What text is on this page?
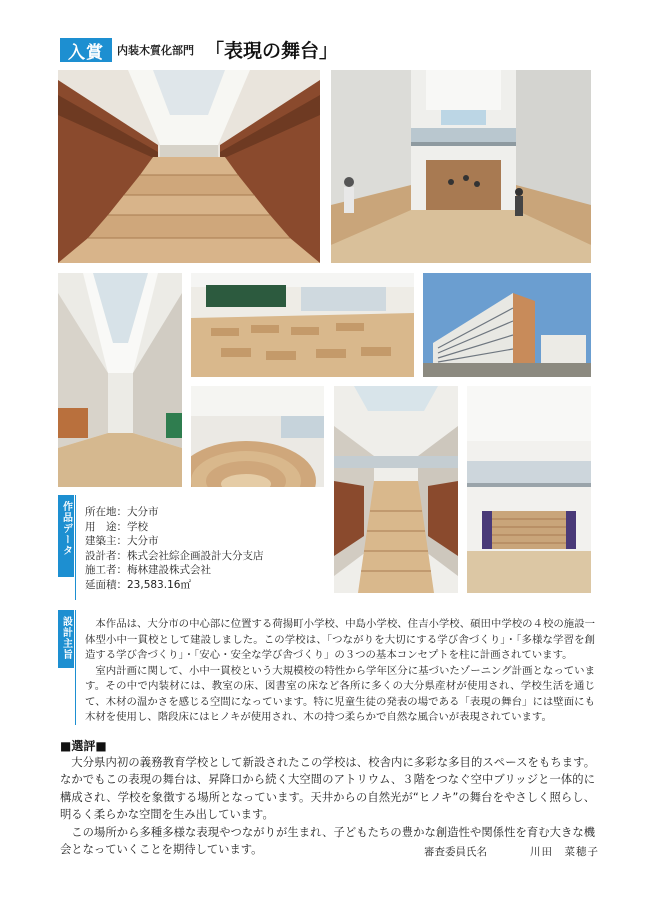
入賞	内装木質化部門 「表現の舞台」
作品データ 所在地：大分市
用　途：学校
建築主：大分市
設計者：株式会社綜企画設計大分支店
施工者：梅林建設株式会社
延面積：23,583.16㎡
設計主旨	本作品は、大分市の中心部に位置する荷揚町小学校、中島小学校、住吉小学校、碩田中学校の４校の施設一体型小中一貫校として建設しました。この学校は、「つながりを大切にする学び舎づくり」・「多様な学習を創造する学び舎づくり」・「安心・安全な学び舎づくり」の３つの基本コンセプトを柱に計画されています。

室内計画に関して、小中一貫校という大規模校の特性から学年区分に基づいたゾーニング計画となっています。その中で内装材には、教室の床、図書室の床など各所に多くの大分県産材が使用され、学校生活を通じて、木材の温かさを感じる空間になっています。特に児童生徒の発表の場である「表現の舞台」には壁面にも木材を使用し、階段床にはヒノキが使用され、木の持つ柔らかで自然な風合いが表現されています。

■選評■

大分県内初の義務教育学校として新設されたこの学校は、校舎内に多彩な多目的スペースをもちます。なかでもこの表現の舞台は、昇降口から続く大空間のアトリウム、３階をつなぐ空中ブリッジと一体的に構成され、学校を象徴する場所となっています。天井からの自然光が“ヒノキ”の舞台をやさしく照らし、明るく柔らかな空間を生み出しています。

この場所から多種多様な表現やつながりが生まれ、子どもたちの豊かな創造性や関係性を育む大きな機会となっていくことを期待しています。	審査委員氏名	川田　菜穂子
